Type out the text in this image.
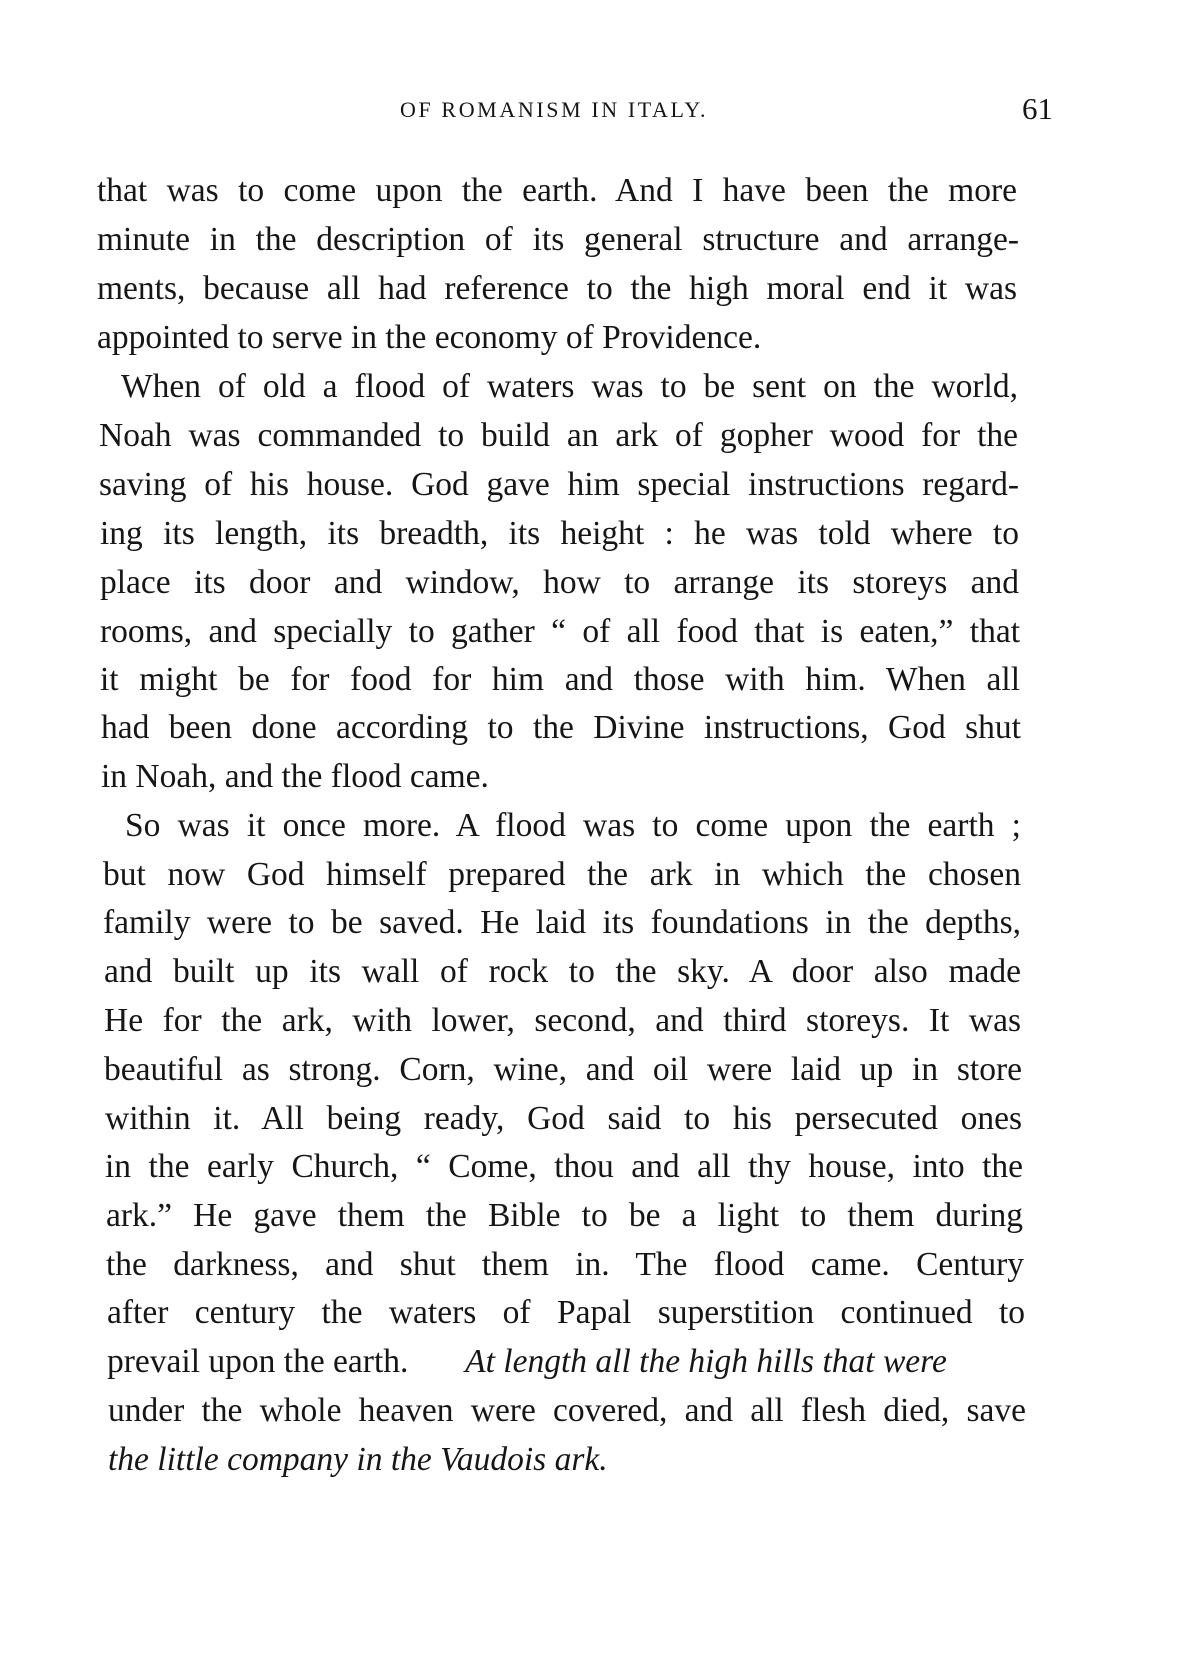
OF ROMANISM IN ITALY.	61
that was to come upon the earth. And I have been the more
minute in the description of its general structure and arrange-
ments, because all had reference to the high moral end it was
appointed to serve in the economy of Providence.
When of old a flood of waters was to be sent on the world,
Noah was commanded to build an ark of gopher wood for the
saving of his house. God gave him special instructions regard-
ing its length, its breadth, its height : he was told where to
place its door and window, how to arrange its storeys and
rooms, and specially to gather “ of all food that is eaten,” that
it might be for food for him and those with him. When all
had been done according to the Divine instructions, God shut
in Noah, and the flood came.
So was it once more. A flood was to come upon the earth ;
but now God himself prepared the ark in which the chosen
family were to be saved. He laid its foundations in the depths,
and built up its wall of rock to the sky. A door also made
He for the ark, with lower, second, and third storeys. It was
beautiful as strong. Corn, wine, and oil were laid up in store
within it. All being ready, God said to his persecuted ones
in the early Church, “ Come, thou and all thy house, into the
ark.” He gave them the Bible to be a light to them during
the darkness, and shut them in. The flood came. Century
after century the waters of Papal superstition continued to
prevail upon the earth. At length all the high hills that were
under the whole heaven were covered, and all flesh died, save
the little company in the Vaudois ark.
